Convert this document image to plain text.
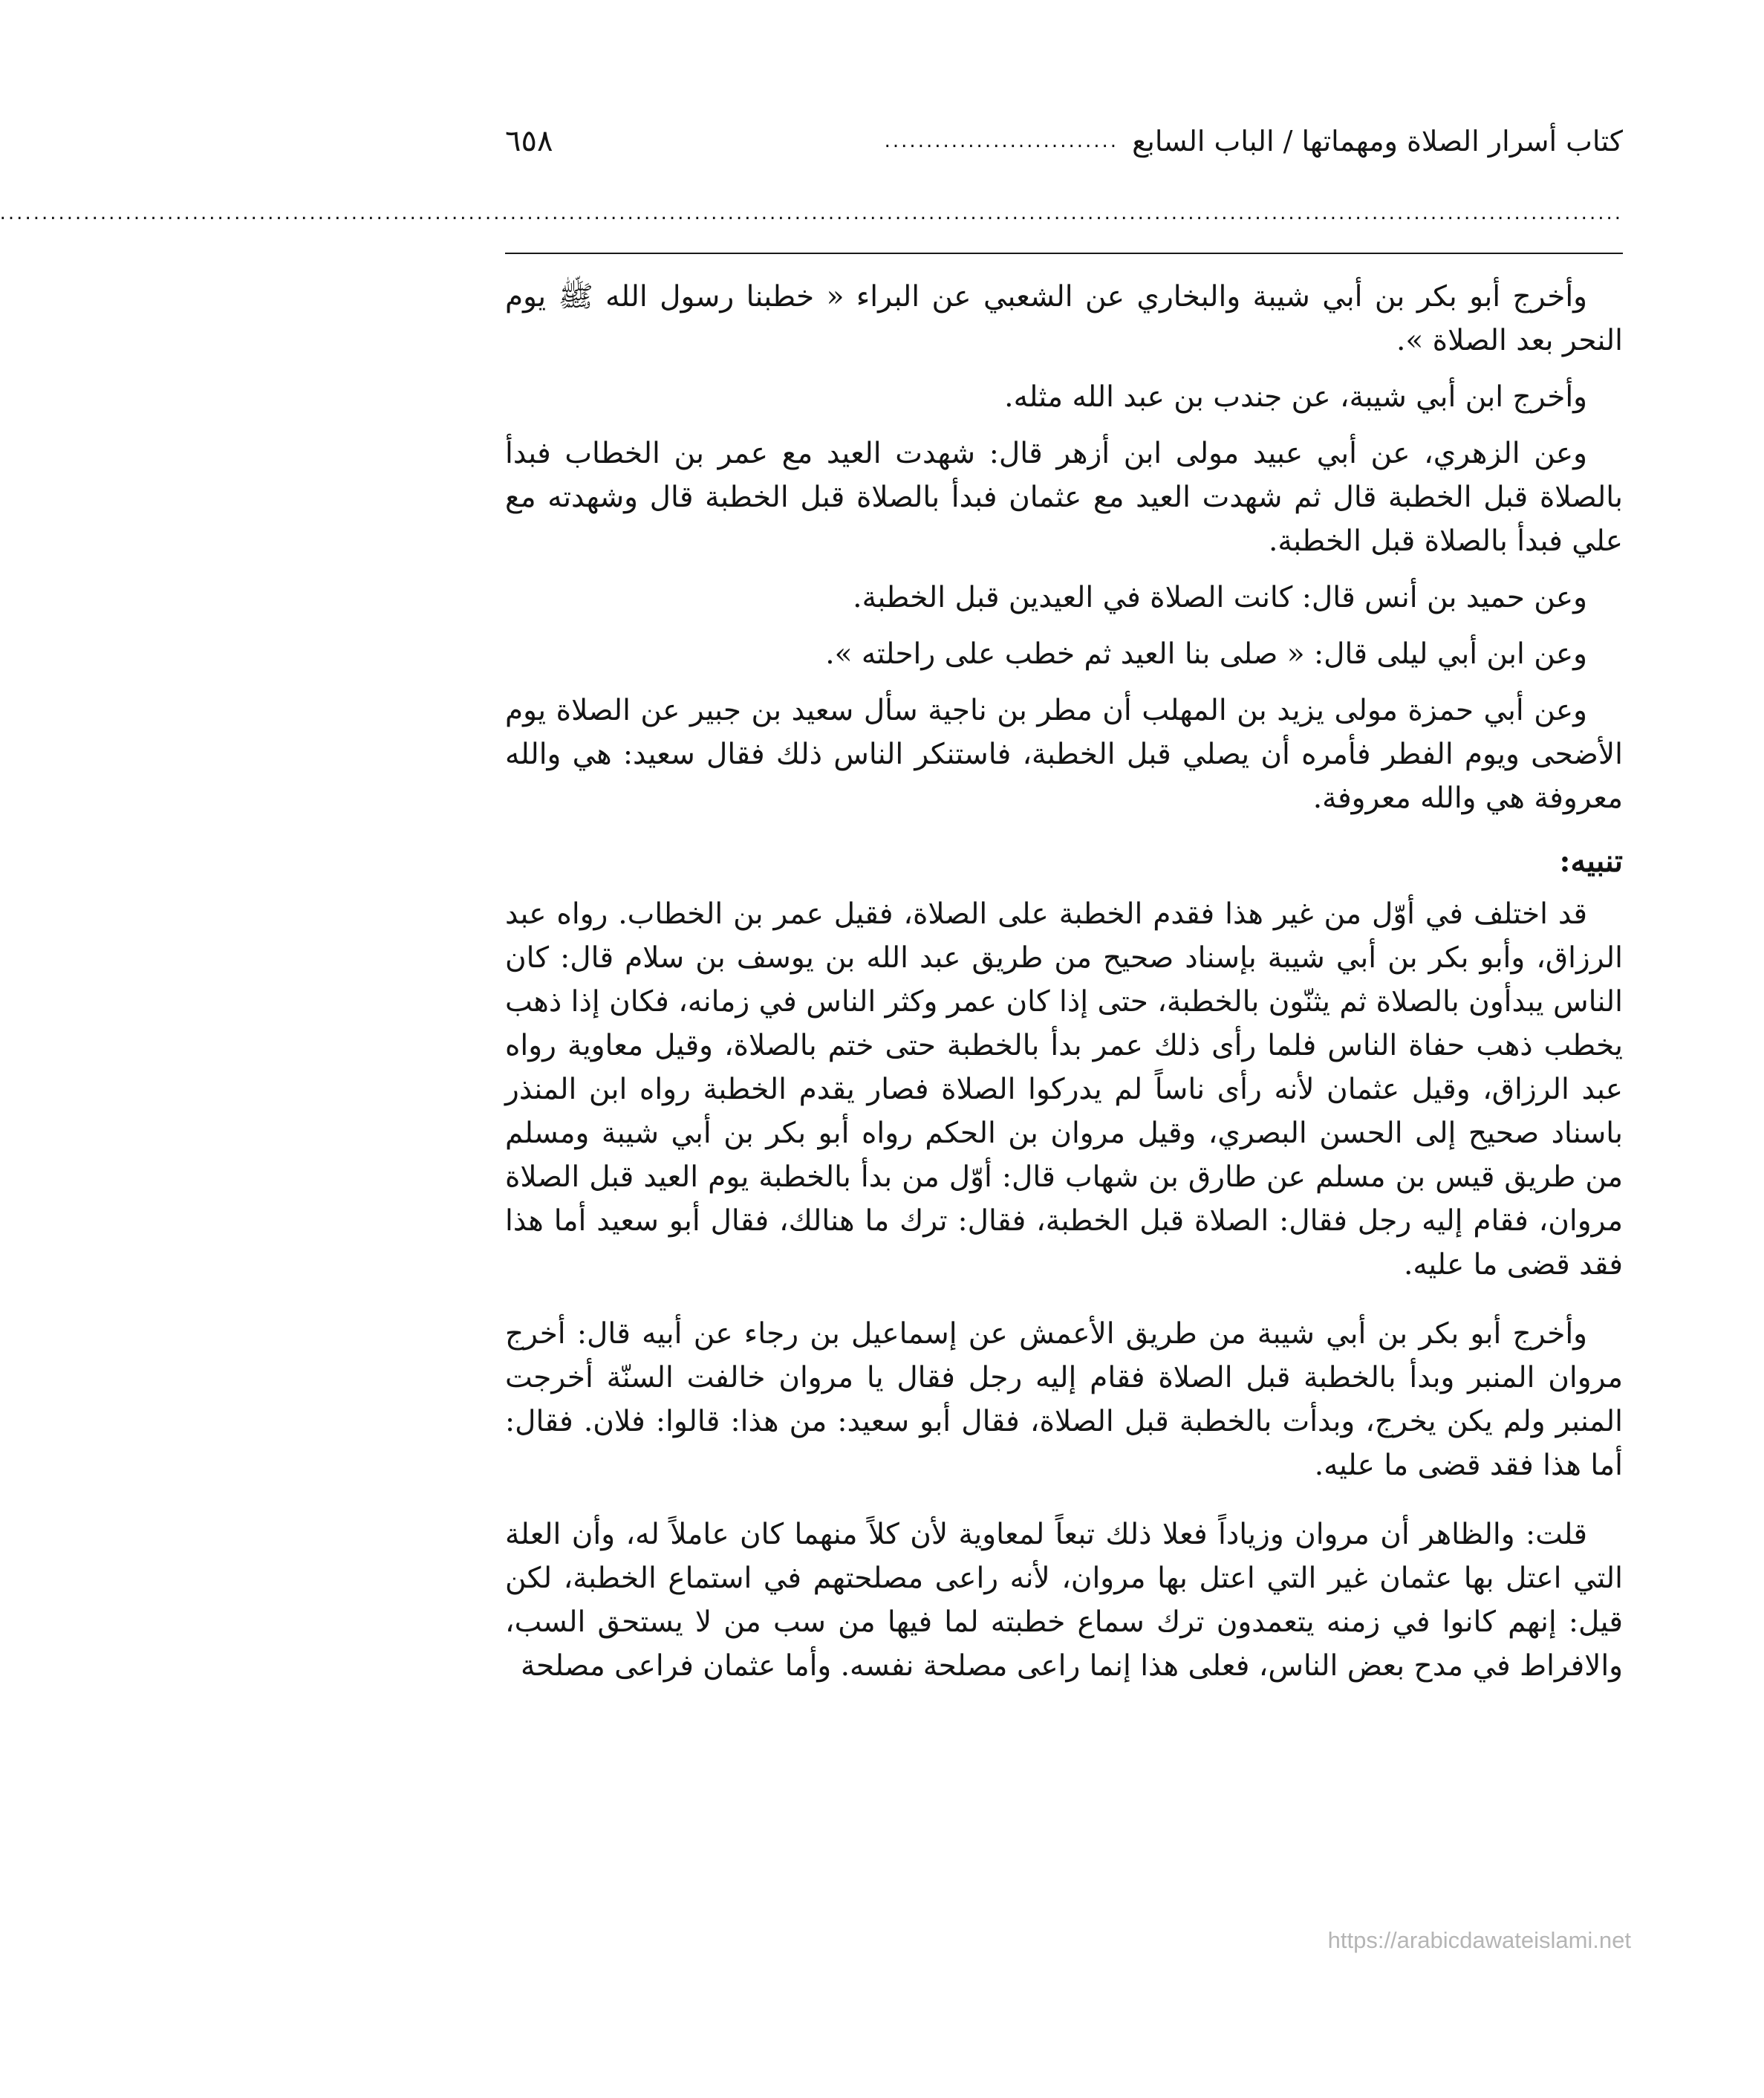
كتاب أسرار الصلاة ومهماتها / الباب السابع
............................
٦٥٨
..................................................................................................................................................................................................

وأخرج أبو بكر بن أبي شيبة والبخاري عن الشعبي عن البراء « خطبنا رسول الله ﷺ يوم النحر بعد الصلاة ».

وأخرج ابن أبي شيبة، عن جندب بن عبد الله مثله.

وعن الزهري، عن أبي عبيد مولى ابن أزهر قال: شهدت العيد مع عمر بن الخطاب فبدأ بالصلاة قبل الخطبة قال ثم شهدت العيد مع عثمان فبدأ بالصلاة قبل الخطبة قال وشهدته مع علي فبدأ بالصلاة قبل الخطبة.

وعن حميد بن أنس قال: كانت الصلاة في العيدين قبل الخطبة.

وعن ابن أبي ليلى قال: « صلى بنا العيد ثم خطب على راحلته ».

وعن أبي حمزة مولى يزيد بن المهلب أن مطر بن ناجية سأل سعيد بن جبير عن الصلاة يوم الأضحى ويوم الفطر فأمره أن يصلي قبل الخطبة، فاستنكر الناس ذلك فقال سعيد: هي والله معروفة هي والله معروفة.

تنبيه:

قد اختلف في أوّل من غير هذا فقدم الخطبة على الصلاة، فقيل عمر بن الخطاب. رواه عبد الرزاق، وأبو بكر بن أبي شيبة بإسناد صحيح من طريق عبد الله بن يوسف بن سلام قال: كان الناس يبدأون بالصلاة ثم يثنّون بالخطبة، حتى إذا كان عمر وكثر الناس في زمانه، فكان إذا ذهب يخطب ذهب حفاة الناس فلما رأى ذلك عمر بدأ بالخطبة حتى ختم بالصلاة، وقيل معاوية رواه عبد الرزاق، وقيل عثمان لأنه رأى ناساً لم يدركوا الصلاة فصار يقدم الخطبة رواه ابن المنذر باسناد صحيح إلى الحسن البصري، وقيل مروان بن الحكم رواه أبو بكر بن أبي شيبة ومسلم من طريق قيس بن مسلم عن طارق بن شهاب قال: أوّل من بدأ بالخطبة يوم العيد قبل الصلاة مروان، فقام إليه رجل فقال: الصلاة قبل الخطبة، فقال: ترك ما هنالك، فقال أبو سعيد أما هذا فقد قضى ما عليه.

وأخرج أبو بكر بن أبي شيبة من طريق الأعمش عن إسماعيل بن رجاء عن أبيه قال: أخرج مروان المنبر وبدأ بالخطبة قبل الصلاة فقام إليه رجل فقال يا مروان خالفت السنّة أخرجت المنبر ولم يكن يخرج، وبدأت بالخطبة قبل الصلاة، فقال أبو سعيد: من هذا: قالوا: فلان. فقال: أما هذا فقد قضى ما عليه.

قلت: والظاهر أن مروان وزياداً فعلا ذلك تبعاً لمعاوية لأن كلاً منهما كان عاملاً له، وأن العلة التي اعتل بها عثمان غير التي اعتل بها مروان، لأنه راعى مصلحتهم في استماع الخطبة، لكن قيل: إنهم كانوا في زمنه يتعمدون ترك سماع خطبته لما فيها من سب من لا يستحق السب، والافراط في مدح بعض الناس، فعلى هذا إنما راعى مصلحة نفسه. وأما عثمان فراعى مصلحة

https://arabicdawateislami.net
